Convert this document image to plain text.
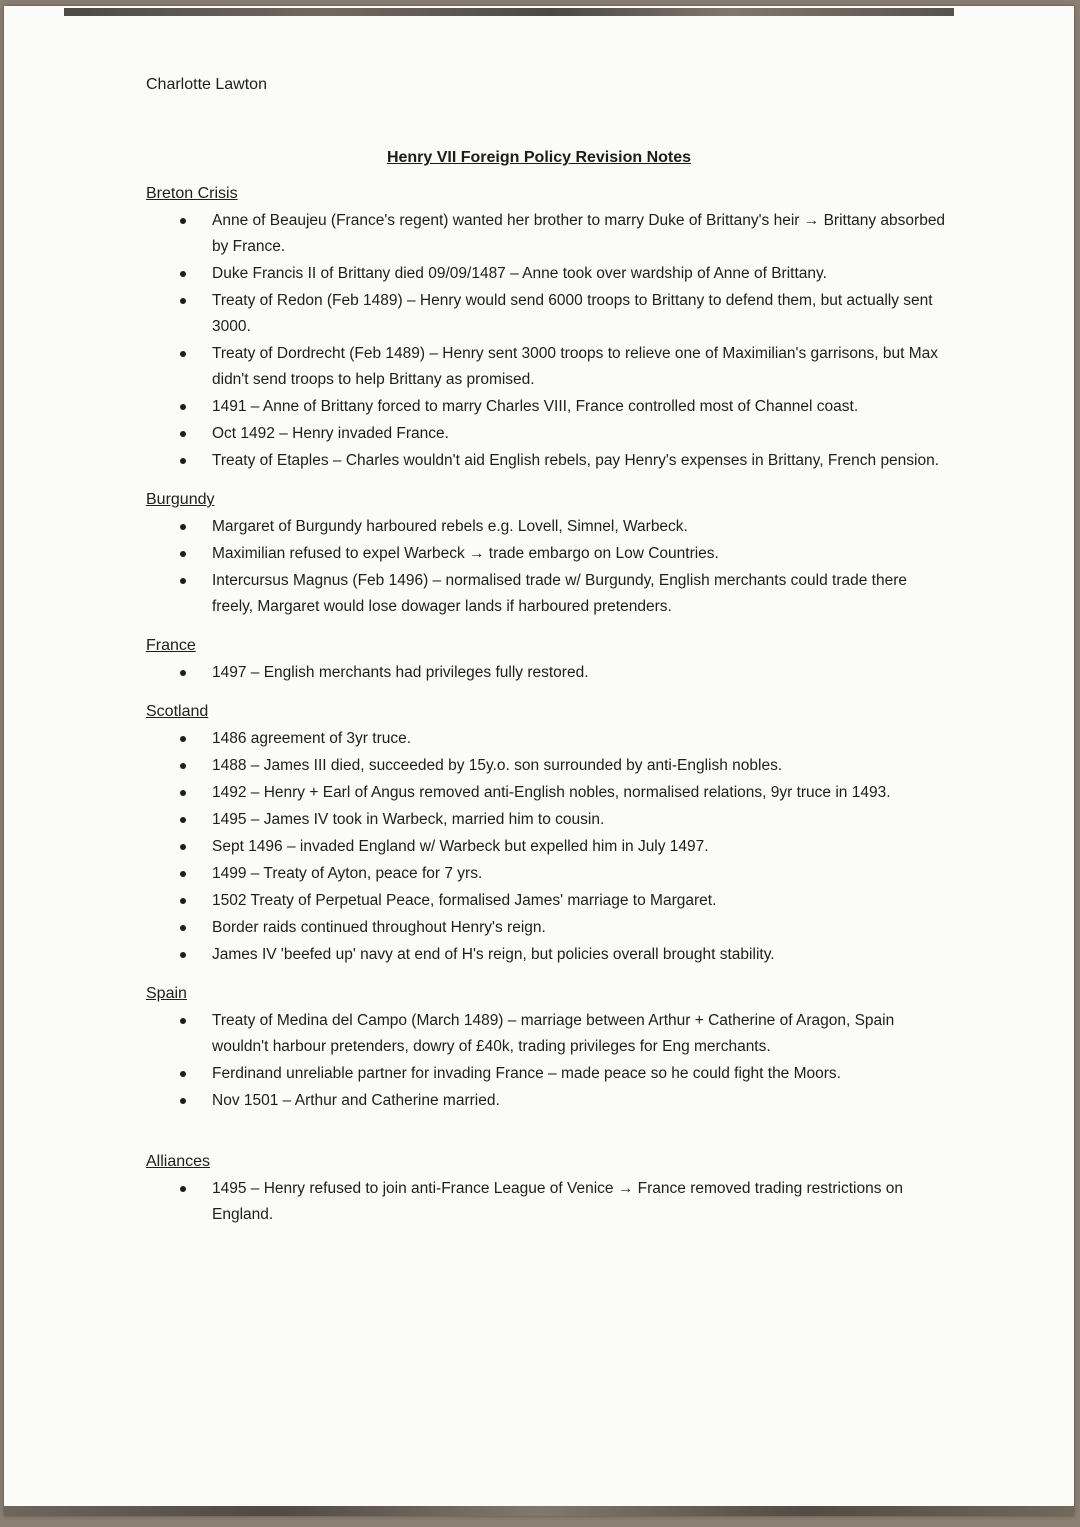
Charlotte Lawton
Henry VII Foreign Policy Revision Notes
Breton Crisis
Anne of Beaujeu (France's regent) wanted her brother to marry Duke of Brittany's heir → Brittany absorbed by France.
Duke Francis II of Brittany died 09/09/1487 – Anne took over wardship of Anne of Brittany.
Treaty of Redon (Feb 1489) – Henry would send 6000 troops to Brittany to defend them, but actually sent 3000.
Treaty of Dordrecht (Feb 1489) – Henry sent 3000 troops to relieve one of Maximilian's garrisons, but Max didn't send troops to help Brittany as promised.
1491 – Anne of Brittany forced to marry Charles VIII, France controlled most of Channel coast.
Oct 1492 – Henry invaded France.
Treaty of Etaples – Charles wouldn't aid English rebels, pay Henry's expenses in Brittany, French pension.
Burgundy
Margaret of Burgundy harboured rebels e.g. Lovell, Simnel, Warbeck.
Maximilian refused to expel Warbeck → trade embargo on Low Countries.
Intercursus Magnus (Feb 1496) – normalised trade w/ Burgundy, English merchants could trade there freely, Margaret would lose dowager lands if harboured pretenders.
France
1497 – English merchants had privileges fully restored.
Scotland
1486 agreement of 3yr truce.
1488 – James III died, succeeded by 15y.o. son surrounded by anti-English nobles.
1492 – Henry + Earl of Angus removed anti-English nobles, normalised relations, 9yr truce in 1493.
1495 – James IV took in Warbeck, married him to cousin.
Sept 1496 – invaded England w/ Warbeck but expelled him in July 1497.
1499 – Treaty of Ayton, peace for 7 yrs.
1502 Treaty of Perpetual Peace, formalised James' marriage to Margaret.
Border raids continued throughout Henry's reign.
James IV 'beefed up' navy at end of H's reign, but policies overall brought stability.
Spain
Treaty of Medina del Campo (March 1489) – marriage between Arthur + Catherine of Aragon, Spain wouldn't harbour pretenders, dowry of £40k, trading privileges for Eng merchants.
Ferdinand unreliable partner for invading France – made peace so he could fight the Moors.
Nov 1501 – Arthur and Catherine married.
Alliances
1495 – Henry refused to join anti-France League of Venice → France removed trading restrictions on England.
